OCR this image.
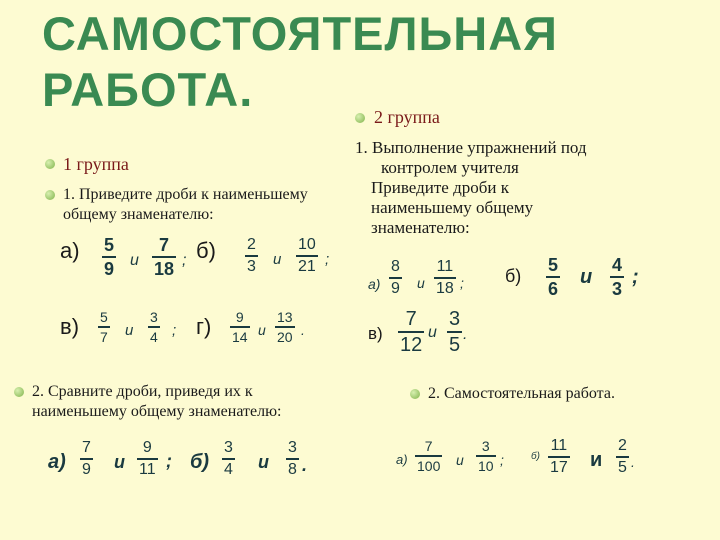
САМОСТОЯТЕЛЬНАЯ
РАБОТА.
1 группа
1. Приведите дроби к наименьшему
общему знаменателю:
а) 5
9 и
7
18 ; б) 2
3 и
10
21 ;
в) 5
7 и
3
4 ; г) 9
14 и
13
20 .
2. Сравните дроби, приведя их к
наименьшему общему знаменателю:
а)
7
9 и
9
11 ; б)
3
4 и
3
8 .
2 группа
1. Выполнение упражнений под
контролем учителя
Приведите дроби к
наименьшему общему
знаменателю:
а)
8
9 и
11
18 ; б)
5
6
и
4
3
;
в)
7
12
и
3
5 .
2. Самостоятельная работа.
а)
7
100 и
3
10 ;	б)
11
17 и
2
5 .
